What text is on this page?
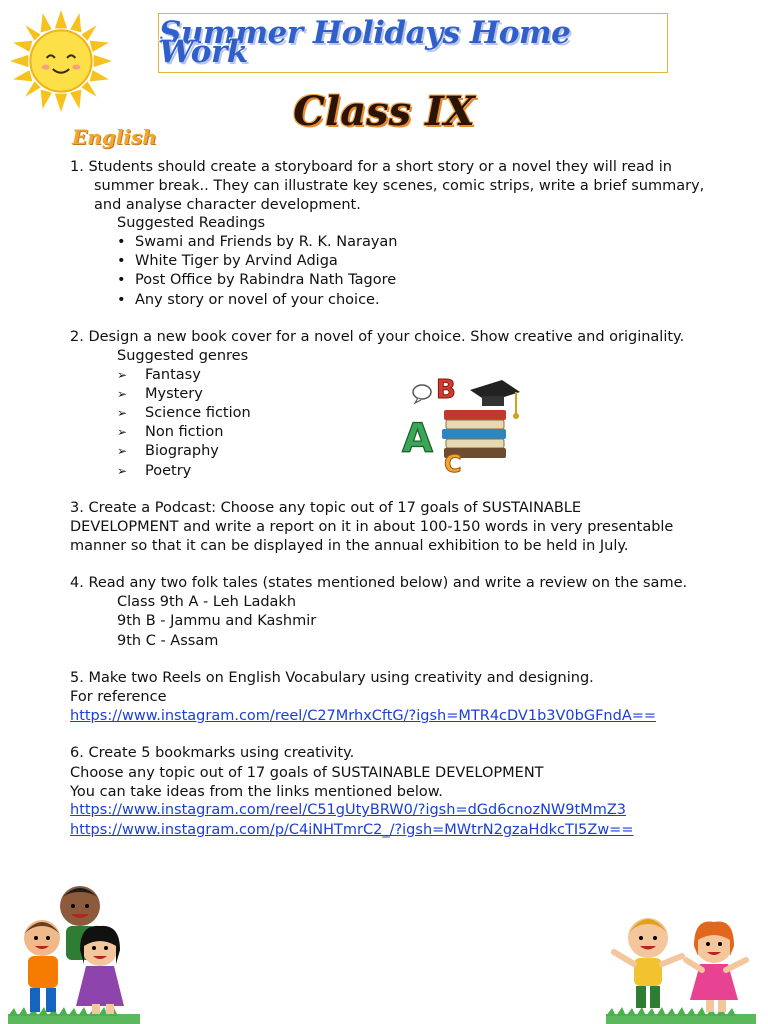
Summer Holidays Home Work
Class IX
English
1. Students should create a storyboard for a short story or a novel they will read in
summer break.. They can illustrate key scenes, comic strips, write a brief summary,
and analyse character development.
Suggested Readings
• Swami and Friends by R. K. Narayan
• White Tiger by Arvind Adiga
• Post Office by Rabindra Nath Tagore
• Any story or novel of your choice.
2. Design a new book cover for a novel of your choice. Show creative and originality.
Suggested genres
➢ Fantasy
➢ Mystery
➢ Science fiction
➢ Non fiction
➢ Biography
➢ Poetry
B
A
C
3. Create a Podcast: Choose any topic out of 17 goals of SUSTAINABLE
DEVELOPMENT and write a report on it in about 100-150 words in very presentable
manner so that it can be displayed in the annual exhibition to be held in July.
4. Read any two folk tales (states mentioned below) and write a review on the same.
Class 9th A - Leh Ladakh
9th B - Jammu and Kashmir
9th C - Assam
5. Make two Reels on English Vocabulary using creativity and designing.
For reference
https://www.instagram.com/reel/C27MrhxCftG/?igsh=MTR4cDV1b3V0bGFndA==
6. Create 5 bookmarks using creativity.
Choose any topic out of 17 goals of SUSTAINABLE DEVELOPMENT
You can take ideas from the links mentioned below.
https://www.instagram.com/reel/C51gUtyBRW0/?igsh=dGd6cnozNW9tMmZ3
https://www.instagram.com/p/C4iNHTmrC2_/?igsh=MWtrN2gzaHdkcTI5Zw==
